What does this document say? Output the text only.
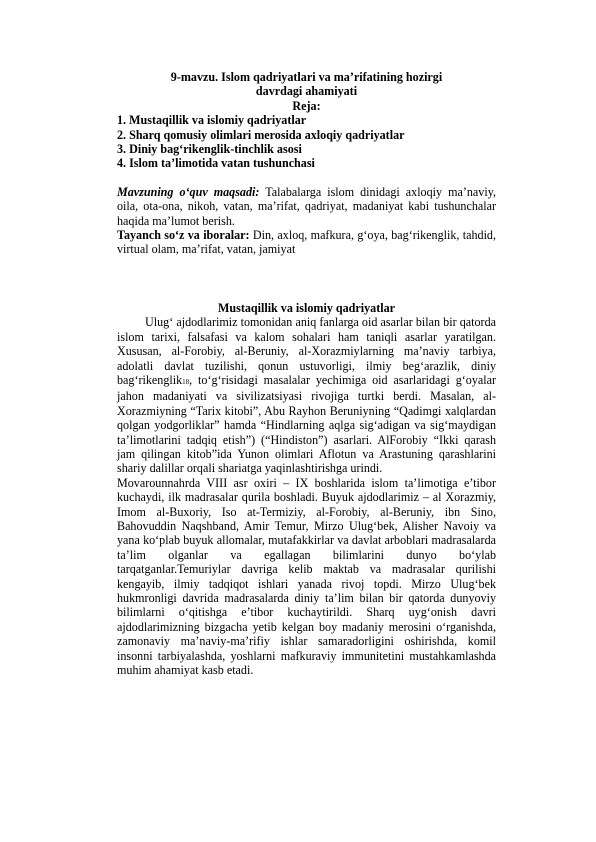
9-mavzu. Islom qadriyatlari va ma’rifatining hozirgi
davrdagi ahamiyati
Reja:
1. Mustaqillik va islomiy qadriyatlar
2. Sharq qomusiy olimlari merosida axloqiy qadriyatlar
3. Diniy bag‘rikenglik-tinchlik asosi
4. Islom ta’limotida vatan tushunchasi

Mavzuning o‘quv maqsadi: Talabalarga islom dinidagi axloqiy ma’naviy, oila, ota-ona, nikoh, vatan, ma’rifat, qadriyat, madaniyat kabi tushunchalar haqida ma’lumot berish.

Tayanch so‘z va iboralar: Din, axloq, mafkura, g‘oya, bag‘rikenglik, tahdid, virtual olam, ma’rifat, vatan, jamiyat

Mustaqillik va islomiy qadriyatlar

Ulug‘ ajdodlarimiz tomonidan aniq fanlarga oid asarlar bilan bir qatorda islom tarixi, falsafasi va kalom sohalari ham taniqli asarlar yaratilgan. Xususan, al-Forobiy, al-Beruniy, al-Xorazmiylarning ma’naviy tarbiya, adolatli davlat tuzilishi, qonun ustuvorligi, ilmiy beg‘arazlik, diniy bag‘rikenglik18, to‘g‘risidagi masalalar yechimiga oid asarlaridagi g‘oyalar jahon madaniyati va sivilizatsiyasi rivojiga turtki berdi. Masalan, al-Xorazmiyning “Tarix kitobi”, Abu Rayhon Beruniyning “Qadimgi xalqlardan qolgan yodgorliklar” hamda “Hindlarning aqlga sig‘adigan va sig‘maydigan ta’limotlarini tadqiq etish”) (“Hindiston”) asarlari. AlForobiy “Ikki qarash jam qilingan kitob”ida Yunon olimlari Aflotun va Arastuning qarashlarini shariy dalillar orqali shariatga yaqinlashtirishga urindi.

Movarounnahrda VIII asr oxiri – IX boshlarida islom ta’limotiga e’tibor kuchaydi, ilk madrasalar qurila boshladi. Buyuk ajdodlarimiz – al Xorazmiy, Imom al-Buxoriy, Iso at-Termiziy, al-Forobiy, al-Beruniy, ibn Sino, Bahovuddin Naqshband, Amir Temur, Mirzo Ulug‘bek, Alisher Navoiy va yana ko‘plab buyuk allomalar, mutafakkirlar va davlat arboblari madrasalarda ta’lim olganlar va egallagan bilimlarini dunyo bo‘ylab tarqatganlar.Temuriylar davriga kelib maktab va madrasalar qurilishi kengayib, ilmiy tadqiqot ishlari yanada rivoj topdi. Mirzo Ulug‘bek hukmronligi davrida madrasalarda diniy ta’lim bilan bir qatorda dunyoviy bilimlarni o‘qitishga e’tibor kuchaytirildi. Sharq uyg‘onish davri ajdodlarimizning bizgacha yetib kelgan boy madaniy merosini o‘rganishda, zamonaviy ma’naviy-ma’rifiy ishlar samaradorligini oshirishda, komil insonni tarbiyalashda, yoshlarni mafkuraviy immunitetini mustahkamlashda muhim ahamiyat kasb etadi.
